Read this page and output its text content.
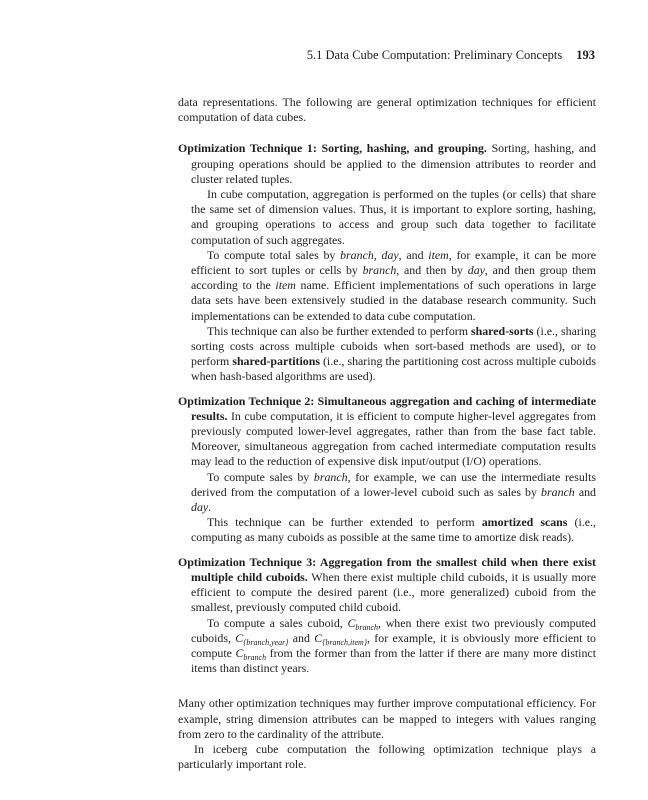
5.1 Data Cube Computation: Preliminary Concepts 193

data representations. The following are general optimization techniques for efficient computation of data cubes.

Optimization Technique 1: Sorting, hashing, and grouping. Sorting, hashing, and grouping operations should be applied to the dimension attributes to reorder and cluster related tuples.

In cube computation, aggregation is performed on the tuples (or cells) that share the same set of dimension values. Thus, it is important to explore sorting, hashing, and grouping operations to access and group such data together to facilitate computation of such aggregates.

To compute total sales by branch, day, and item, for example, it can be more efficient to sort tuples or cells by branch, and then by day, and then group them according to the item name. Efficient implementations of such operations in large data sets have been extensively studied in the database research community. Such implementations can be extended to data cube computation.

This technique can also be further extended to perform shared-sorts (i.e., sharing sorting costs across multiple cuboids when sort-based methods are used), or to perform shared-partitions (i.e., sharing the partitioning cost across multiple cuboids when hash-based algorithms are used).

Optimization Technique 2: Simultaneous aggregation and caching of intermediate results. In cube computation, it is efficient to compute higher-level aggregates from previously computed lower-level aggregates, rather than from the base fact table. Moreover, simultaneous aggregation from cached intermediate computation results may lead to the reduction of expensive disk input/output (I/O) operations.

To compute sales by branch, for example, we can use the intermediate results derived from the computation of a lower-level cuboid such as sales by branch and day.

This technique can be further extended to perform amortized scans (i.e., computing as many cuboids as possible at the same time to amortize disk reads).

Optimization Technique 3: Aggregation from the smallest child when there exist multiple child cuboids. When there exist multiple child cuboids, it is usually more efficient to compute the desired parent (i.e., more generalized) cuboid from the smallest, previously computed child cuboid.

To compute a sales cuboid, $C_{branch}$, when there exist two previously computed cuboids, $C_{\{branch,year\}}$ and $C_{\{branch,item\}}$, for example, it is obviously more efficient to compute $C_{branch}$ from the former than from the latter if there are many more distinct items than distinct years.

Many other optimization techniques may further improve computational efficiency. For example, string dimension attributes can be mapped to integers with values ranging from zero to the cardinality of the attribute.

In iceberg cube computation the following optimization technique plays a particularly important role.
